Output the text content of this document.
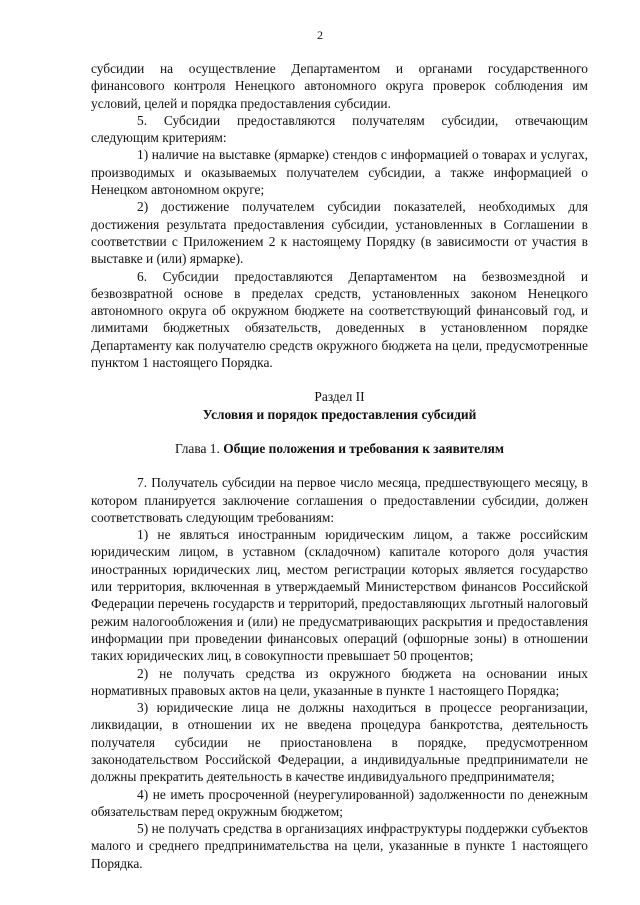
2

субсидии на осуществление Департаментом и органами государственного финансового контроля Ненецкого автономного округа проверок соблюдения им условий, целей и порядка предоставления субсидии.

5. Субсидии предоставляются получателям субсидии, отвечающим следующим критериям:

1) наличие на выставке (ярмарке) стендов с информацией о товарах и услугах, производимых и оказываемых получателем субсидии, а также информацией о Ненецком автономном округе;

2) достижение получателем субсидии показателей, необходимых для достижения результата предоставления субсидии, установленных в Соглашении в соответствии с Приложением 2 к настоящему Порядку (в зависимости от участия в выставке и (или) ярмарке).

6. Субсидии предоставляются Департаментом на безвозмездной и безвозвратной основе в пределах средств, установленных законом Ненецкого автономного округа об окружном бюджете на соответствующий финансовый год, и лимитами бюджетных обязательств, доведенных в установленном порядке Департаменту как получателю средств окружного бюджета на цели, предусмотренные пунктом 1 настоящего Порядка.

Раздел II
Условия и порядок предоставления субсидий
Глава 1. Общие положения и требования к заявителям

7. Получатель субсидии на первое число месяца, предшествующего месяцу, в котором планируется заключение соглашения о предоставлении субсидии, должен соответствовать следующим требованиям:

1) не являться иностранным юридическим лицом, а также российским юридическим лицом, в уставном (складочном) капитале которого доля участия иностранных юридических лиц, местом регистрации которых является государство или территория, включенная в утверждаемый Министерством финансов Российской Федерации перечень государств и территорий, предоставляющих льготный налоговый режим налогообложения и (или) не предусматривающих раскрытия и предоставления информации при проведении финансовых операций (офшорные зоны) в отношении таких юридических лиц, в совокупности превышает 50 процентов;

2) не получать средства из окружного бюджета на основании иных нормативных правовых актов на цели, указанные в пункте 1 настоящего Порядка;

3) юридические лица не должны находиться в процессе реорганизации, ликвидации, в отношении их не введена процедура банкротства, деятельность получателя субсидии не приостановлена в порядке, предусмотренном законодательством Российской Федерации, а индивидуальные предприниматели не должны прекратить деятельность в качестве индивидуального предпринимателя;

4) не иметь просроченной (неурегулированной) задолженности по денежным обязательствам перед окружным бюджетом;

5) не получать средства в организациях инфраструктуры поддержки субъектов малого и среднего предпринимательства на цели, указанные в пункте 1 настоящего Порядка.
